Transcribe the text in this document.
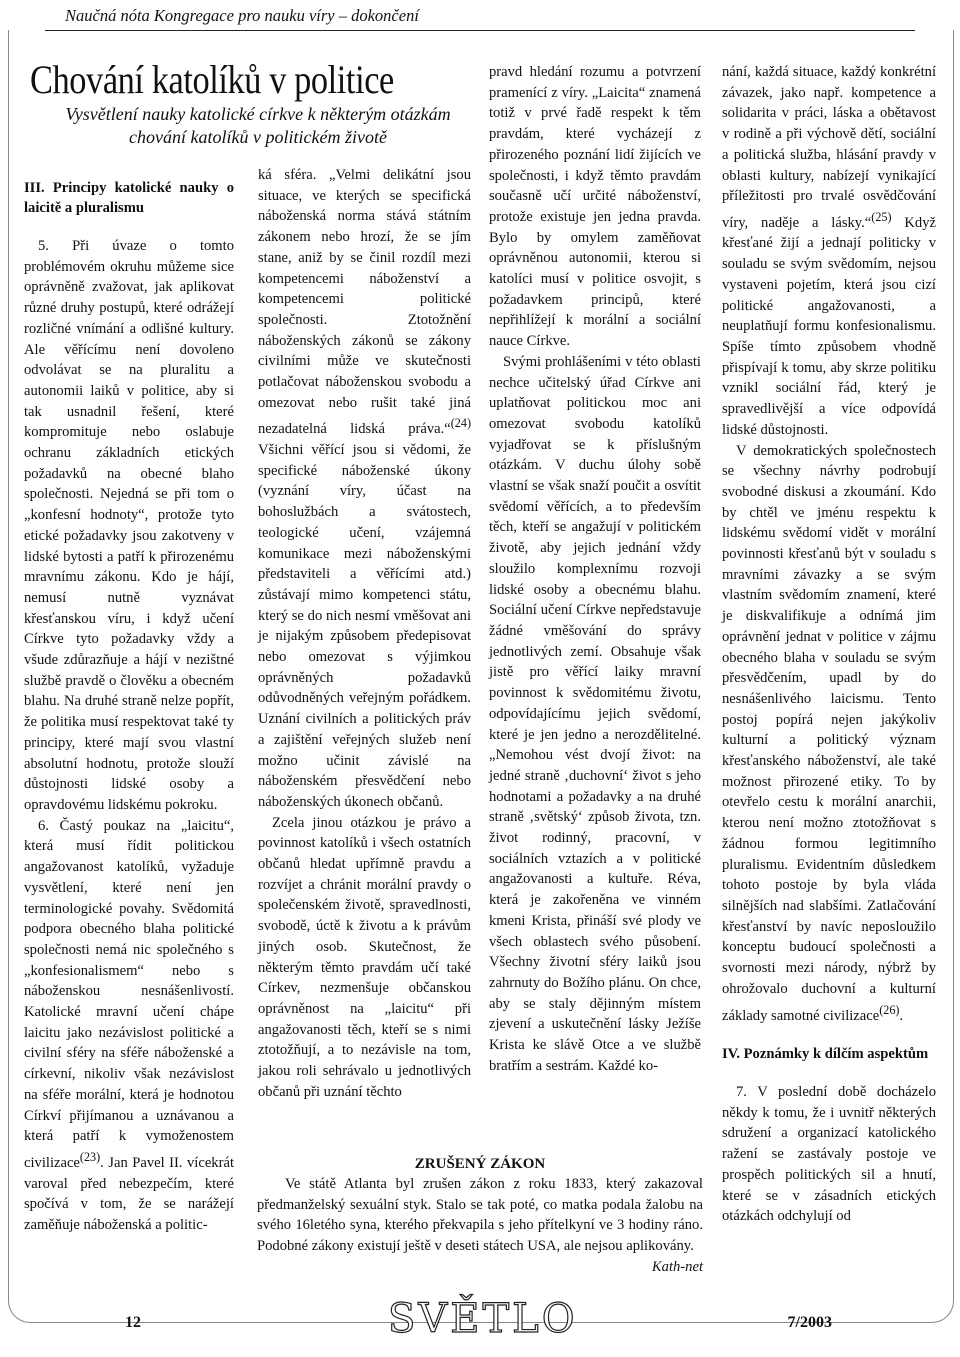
Naučná nóta Kongregace pro nauku víry – dokončení
Chování katolíků v politice
Vysvětlení nauky katolické církve k některým otázkám chování katolíků v politickém životě
III. Principy katolické nauky o laicitě a pluralismu

5. Při úvaze o tomto problémovém okruhu můžeme sice oprávněně zvažovat, jak aplikovat různé druhy postupů, které odrážejí rozličné vnímání a odlišné kultury. Ale věřícímu není dovoleno odvolávat se na pluralitu a autonomii laiků v politice, aby si tak usnadnil řešení, které kompromituje nebo oslabuje ochranu základních etických požadavků na obecné blaho společnosti. Nejedná se při tom o „konfesní hodnoty“, protože tyto etické požadavky jsou zakotveny v lidské bytosti a patří k přirozenému mravnímu zákonu. Kdo je hájí, nemusí nutně vyznávat křesťanskou víru, i když učení Církve tyto požadavky vždy a všude zdůrazňuje a hájí v nezištné službě pravdě o člověku a obecném blahu. Na druhé straně nelze popřít, že politika musí respektovat také ty principy, které mají svou vlastní absolutní hodnotu, protože slouží důstojnosti lidské osoby a opravdovému lidskému pokroku.

6. Častý poukaz na „laicitu“, která musí řídit politickou angažovanost katolíků, vyžaduje vysvětlení, které není jen terminologické povahy. Svědomitá podpora obecného blaha politické společnosti nemá nic společného s „konfesionalismem“ nebo s náboženskou nesnášenlivostí. Katolické mravní učení chápe laicitu jako nezávislost politické a civilní sféry na sféře náboženské a církevní, nikoliv však nezávislost na sféře morální, která je hodnotou Církví přijímanou a uznávanou a která patří k vymoženostem civilizace$^{(23)}$. Jan Pavel II. vícekrát varoval před nebezpečím, které spočívá v tom, že se narážejí zaměňuje náboženská a politic-

ká sféra. „Velmi delikátní jsou situace, ve kterých se specifická náboženská norma stává státním zákonem nebo hrozí, že se jím stane, aniž by se činil rozdíl mezi kompetencemi náboženství a kompetencemi politické společnosti. Ztotožnění náboženských zákonů se zákony civilními může ve skutečnosti potlačovat náboženskou svobodu a omezovat nebo rušit také jiná nezadatelná lidská práva.“$^{(24)}$ Všichni věřící jsou si vědomi, že specifické náboženské úkony (vyznání víry, účast na bohoslužbách a svátostech, teologické učení, vzájemná komunikace mezi náboženskými představiteli a věřícími atd.) zůstávají mimo kompetenci státu, který se do nich nesmí vměšovat ani je nijakým způsobem předepisovat nebo omezovat s výjimkou oprávněných požadavků odůvodněných veřejným pořádkem. Uznání civilních a politických práv a zajištění veřejných služeb není možno učinit závislé na náboženském přesvědčení nebo náboženských úkonech občanů.

Zcela jinou otázkou je právo a povinnost katolíků i všech ostatních občanů hledat upřímně pravdu a rozvíjet a chránit morální pravdy o společenském životě, spravedlnosti, svobodě, úctě k životu a k právům jiných osob. Skutečnost, že některým těmto pravdám učí také Církev, nezmenšuje občanskou oprávněnost na „laicitu“ při angažovanosti těch, kteří se s nimi ztotožňují, a to nezávisle na tom, jakou roli sehrávalo u jednotlivých občanů při uznání těchto

pravd hledání rozumu a potvrzení pramenící z víry. „Laicita“ znamená totiž v prvé řadě respekt k těm pravdám, které vycházejí z přirozeného poznání lidí žijících ve společnosti, i když těmto pravdám současně učí určité náboženství, protože existuje jen jedna pravda. Bylo by omylem zaměňovat oprávněnou autonomii, kterou si katolíci musí v politice osvojit, s požadavkem principů, které nepřihlížejí k morální a sociální nauce Církve.

Svými prohlášeními v této oblasti nechce učitelský úřad Církve ani uplatňovat politickou moc ani omezovat svobodu katolíků vyjadřovat se k příslušným otázkám. V duchu úlohy sobě vlastní se však snaží poučit a osvítit svědomí věřících, a to především těch, kteří se angažují v politickém životě, aby jejich jednání vždy sloužilo komplexnímu rozvoji lidské osoby a obecnému blahu. Sociální učení Církve nepředstavuje žádné vměšování do správy jednotlivých zemí. Obsahuje však jistě pro věřící laiky mravní povinnost k svědomitému životu, odpovídajícímu jejich svědomí, které je jen jedno a nerozdělitelné. „Nemohou vést dvojí život: na jedné straně ‚duchovní‘ život s jeho hodnotami a požadavky a na druhé straně ‚světský‘ způsob života, tzn. život rodinný, pracovní, v sociálních vztazích a v politické angažovanosti a kultuře. Réva, která je zakořeněna ve vinném kmeni Krista, přináší své plody ve všech oblastech svého působení. Všechny životní sféry laiků jsou zahrnuty do Božího plánu. On chce, aby se staly dějinným místem zjevení a uskutečnění lásky Ježíše Krista ke slávě Otce a ve službě bratřím a sestrám. Každé ko-

nání, každá situace, každý konkrétní závazek, jako např. kompetence a solidarita v práci, láska a obětavost v rodině a při výchově dětí, sociální a politická služba, hlásání pravdy v oblasti kultury, nabízejí vynikající příležitosti pro trvalé osvědčování víry, naděje a lásky.“$^{(25)}$ Když křesťané žijí a jednají politicky v souladu se svým svědomím, nejsou vystaveni pojetím, která jsou cizí politické angažovanosti, a neuplatňují formu konfesionalismu. Spíše tímto způsobem vhodně přispívají k tomu, aby skrze politiku vznikl sociální řád, který je spravedlivější a více odpovídá lidské důstojnosti.

V demokratických společnostech se všechny návrhy podrobují svobodné diskusi a zkoumání. Kdo by chtěl ve jménu respektu k lidskému svědomí vidět v morální povinnosti křesťanů být v souladu s mravními závazky a se svým vlastním svědomím znamení, které je diskvalifikuje a odnímá jim oprávnění jednat v politice v zájmu obecného blaha v souladu se svým přesvědčením, upadl by do nesnášenlivého laicismu. Tento postoj popírá nejen jakýkoliv kulturní a politický význam křesťanského náboženství, ale také možnost přirozené etiky. To by otevřelo cestu k morální anarchii, kterou není možno ztotožňovat s žádnou formou legitimního pluralismu. Evidentním důsledkem tohoto postoje by byla vláda silnějších nad slabšími. Zatlačování křesťanství by navíc neposloužilo konceptu budoucí společnosti a svornosti mezi národy, nýbrž by ohrožovalo duchovní a kulturní základy samotné civilizace$^{(26)}$.

IV. Poznámky k dílčím aspektům

7. V poslední době docházelo někdy k tomu, že i uvnitř některých sdružení a organizací katolického ražení se zastávaly postoje ve prospěch politických sil a hnutí, které se v zásadních etických otázkách odchylují od

ZRUŠENÝ ZÁKON
Ve státě Atlanta byl zrušen zákon z roku 1833, který zakazoval předmanželský sexuální styk. Stalo se tak poté, co matka podala žalobu na svého 16letého syna, kterého překvapila s jeho přítelkyní ve 3 hodiny ráno. Podobné zákony existují ještě v deseti státech USA, ale nejsou aplikovány.
Kath-net
12	SVĚTLO	7/2003
